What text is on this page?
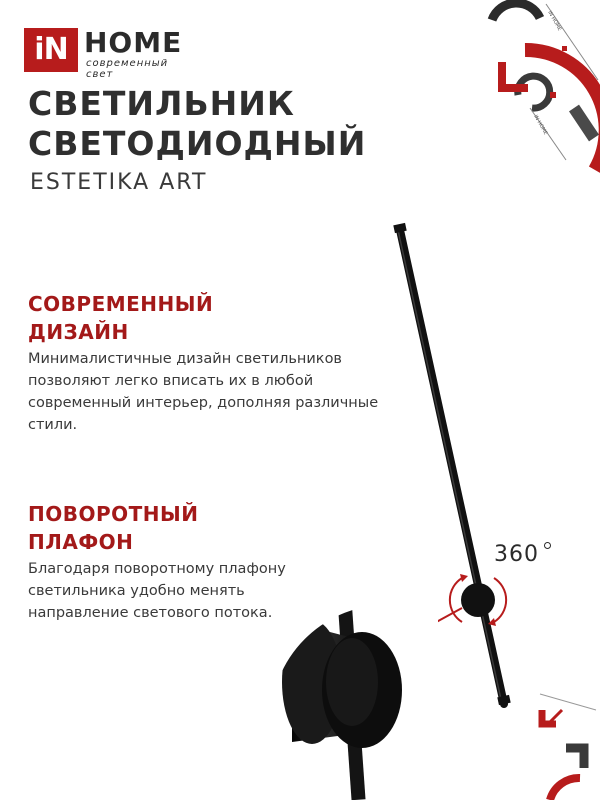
iN HOME
современный свет
СВЕТИЛЬНИК
СВЕТОДИОДНЫЙ
ESTETIKA ART
IN HOME
IN HOME
360
СОВРЕМЕННЫЙ
ДИЗАЙН
Минималистичные дизайн светильников позволяют легко вписать их в любой современный интерьер, дополняя различные стили.
ПОВОРОТНЫЙ
ПЛАФОН
Благодаря поворотному плафону светильника удобно менять направление светового потока.
